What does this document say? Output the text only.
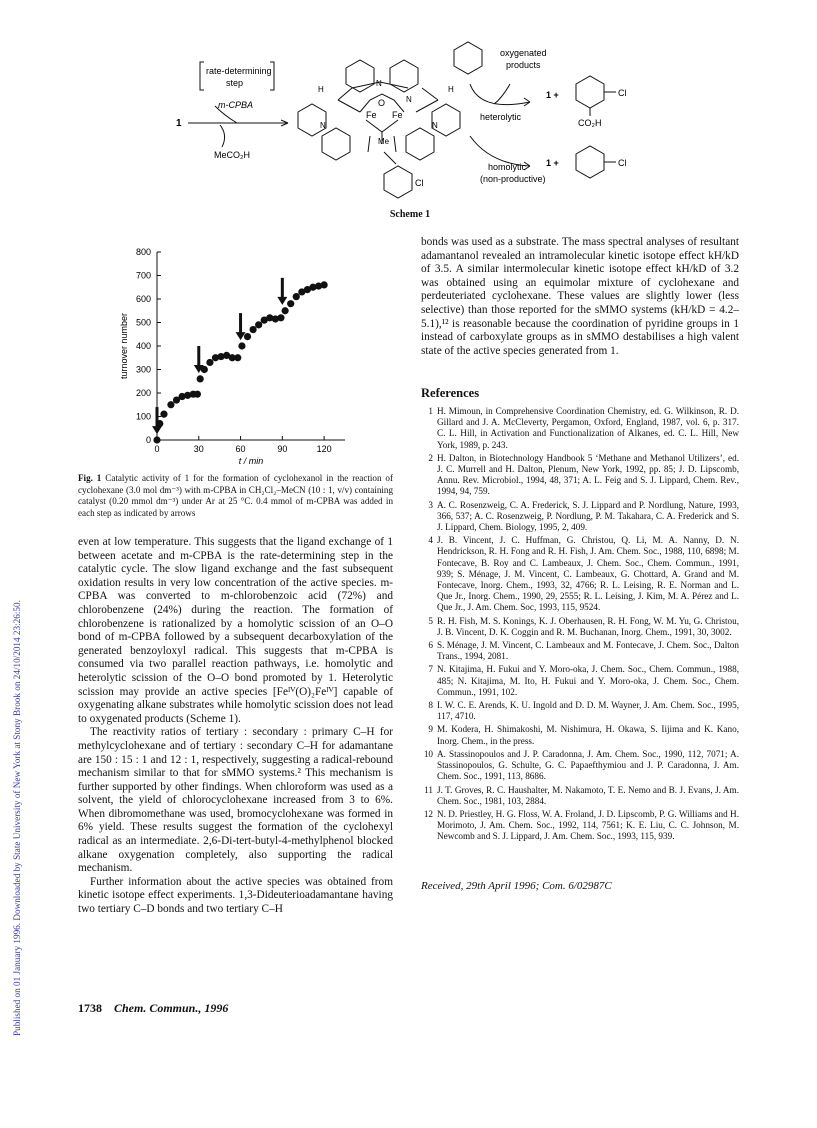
Published on 01 January 1996. Downloaded by State University of New York at Stony Brook on 24/10/2014 23:26:50.
rate-determining
step
m-CPBA
1
MeCO₂H
Fe Fe
O
Me
N
N
N	N
H	H
Cl
oxygenated
products
heterolytic
1 +	Cl
CO₂H
homolytic
(non-productive)
1 +	Cl
Scheme 1
0
100
200
300
400
500
600
700
800
0	30	60	90	120
t / min
turnover number
Fig. 1 Catalytic activity of 1 for the formation of cyclohexanol in the reaction of cyclohexane (3.0 mol dm⁻³) with m-CPBA in CH₂Cl₂–MeCN (10 : 1, v/v) containing catalyst (0.20 mmol dm⁻³) under Ar at 25 °C. 0.4 mmol of m-CPBA was added in each step as indicated by arrows

even at low temperature. This suggests that the ligand exchange of 1 between acetate and m-CPBA is the rate-determining step in the catalytic cycle. The slow ligand exchange and the fast subsequent oxidation results in very low concentration of the active species. m-CPBA was converted to m-chlorobenzoic acid (72%) and chlorobenzene (24%) during the reaction. The formation of chlorobenzene is rationalized by a homolytic scission of an O–O bond of m-CPBA followed by a subsequent decarboxylation of the generated benzoyloxyl radical. This suggests that m-CPBA is consumed via two parallel reaction pathways, i.e. homolytic and heterolytic scission of the O–O bond promoted by 1. Heterolytic scission may provide an active species [Feᴵⱽ(O)₂Feᴵⱽ] capable of oxygenating alkane substrates while homolytic scission does not lead to oxygenated products (Scheme 1).

The reactivity ratios of tertiary : secondary : primary C–H for methylcyclohexane and of tertiary : secondary C–H for adamantane are 150 : 15 : 1 and 12 : 1, respectively, suggesting a radical-rebound mechanism similar to that for sMMO systems.² This mechanism is further supported by other findings. When chloroform was used as a solvent, the yield of chlorocyclohexane increased from 3 to 6%. When dibromomethane was used, bromocyclohexane was formed in 6% yield. These results suggest the formation of the cyclohexyl radical as an intermediate. 2,6-Di-tert-butyl-4-methylphenol blocked alkane oxygenation completely, also supporting the radical mechanism.

Further information about the active species was obtained from kinetic isotope effect experiments. 1,3-Dideuterioadamantane having two tertiary C–D bonds and two tertiary C–H

bonds was used as a substrate. The mass spectral analyses of resultant adamantanol revealed an intramolecular kinetic isotope effect kH/kD of 3.5. A similar intermolecular kinetic isotope effect kH/kD of 3.2 was obtained using an equimolar mixture of cyclohexane and perdeuteriated cyclohexane. These values are slightly lower (less selective) than those reported for the sMMO systems (kH/kD = 4.2–5.1),¹² is reasonable because the coordination of pyridine groups in 1 instead of carboxylate groups as in sMMO destabilises a high valent state of the active species generated from 1.

References
1 H. Mimoun, in Comprehensive Coordination Chemistry, ed. G. Wilkinson, R. D. Gillard and J. A. McCleverty, Pergamon, Oxford, England, 1987, vol. 6, p. 317. C. L. Hill, in Activation and Functionalization of Alkanes, ed. C. L. Hill, New York, 1989, p. 243.
2 H. Dalton, in Biotechnology Handbook 5 ‘Methane and Methanol Utilizers’, ed. J. C. Murrell and H. Dalton, Plenum, New York, 1992, pp. 85; J. D. Lipscomb, Annu. Rev. Microbiol., 1994, 48, 371; A. L. Feig and S. J. Lippard, Chem. Rev., 1994, 94, 759.
3 A. C. Rosenzweig, C. A. Frederick, S. J. Lippard and P. Nordlung, Nature, 1993, 366, 537; A. C. Rosenzweig, P. Nordlung, P. M. Takahara, C. A. Frederick and S. J. Lippard, Chem. Biology, 1995, 2, 409.
4 J. B. Vincent, J. C. Huffman, G. Christou, Q. Li, M. A. Nanny, D. N. Hendrickson, R. H. Fong and R. H. Fish, J. Am. Chem. Soc., 1988, 110, 6898; M. Fontecave, B. Roy and C. Lambeaux, J. Chem. Soc., Chem. Commun., 1991, 939; S. Ménage, J. M. Vincent, C. Lambeaux, G. Chottard, A. Grand and M. Fontecave, Inorg. Chem., 1993, 32, 4766; R. L. Leising, R. E. Norman and L. Que Jr., Inorg. Chem., 1990, 29, 2555; R. L. Leising, J. Kim, M. A. Pérez and L. Que Jr., J. Am. Chem. Soc, 1993, 115, 9524.
5 R. H. Fish, M. S. Konings, K. J. Oberhausen, R. H. Fong, W. M. Yu, G. Christou, J. B. Vincent, D. K. Coggin and R. M. Buchanan, Inorg. Chem., 1991, 30, 3002.
6 S. Ménage, J. M. Vincent, C. Lambeaux and M. Fontecave, J. Chem. Soc., Dalton Trans., 1994, 2081.
7 N. Kitajima, H. Fukui and Y. Moro-oka, J. Chem. Soc., Chem. Commun., 1988, 485; N. Kitajima, M. Ito, H. Fukui and Y. Moro-oka, J. Chem. Soc., Chem. Commun., 1991, 102.
8 I. W. C. E. Arends, K. U. Ingold and D. D. M. Wayner, J. Am. Chem. Soc., 1995, 117, 4710.
9 M. Kodera, H. Shimakoshi, M. Nishimura, H. Okawa, S. Iijima and K. Kano, Inorg. Chem., in the press.
10 A. Stassinopoulos and J. P. Caradonna, J. Am. Chem. Soc., 1990, 112, 7071; A. Stassinopoulos, G. Schulte, G. C. Papaefthymiou and J. P. Caradonna, J. Am. Chem. Soc., 1991, 113, 8686.
11 J. T. Groves, R. C. Haushalter, M. Nakamoto, T. E. Nemo and B. J. Evans, J. Am. Chem. Soc., 1981, 103, 2884.
12 N. D. Priestley, H. G. Floss, W. A. Froland, J. D. Lipscomb, P. G. Williams and H. Morimoto, J. Am. Chem. Soc., 1992, 114, 7561; K. E. Liu, C. C. Johnson, M. Newcomb and S. J. Lippard, J. Am. Chem. Soc., 1993, 115, 939.
Received, 29th April 1996; Com. 6/02987C
1738 Chem. Commun., 1996
